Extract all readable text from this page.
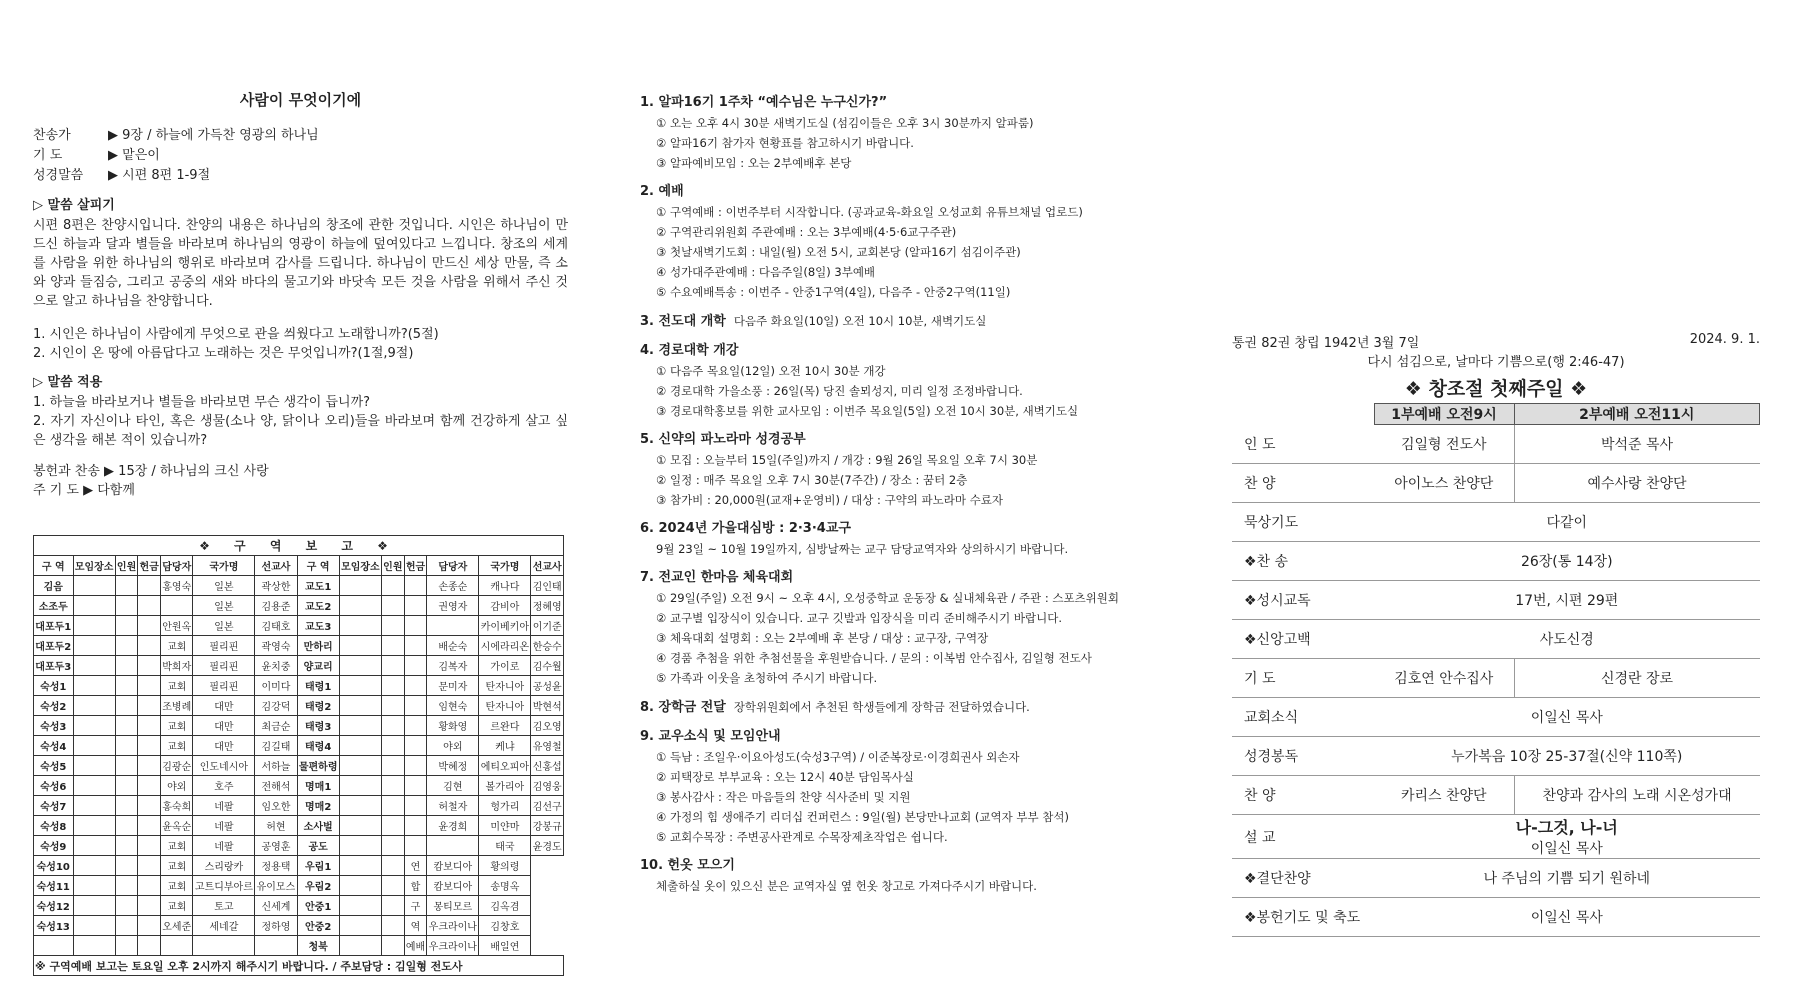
사람이 무엇이기에
찬송가	▶ 9장 / 하늘에 가득찬 영광의 하나님
기 도	▶ 맡은이
성경말씀	▶ 시편 8편 1-9절
▷ 말씀 살피기

시편 8편은 찬양시입니다. 찬양의 내용은 하나님의 창조에 관한 것입니다. 시인은 하나님이 만드신 하늘과 달과 별들을 바라보며 하나님의 영광이 하늘에 덮여있다고 느낍니다. 창조의 세계를 사람을 위한 하나님의 행위로 바라보며 감사를 드립니다. 하나님이 만드신 세상 만물, 즉 소와 양과 들짐승, 그리고 공중의 새와 바다의 물고기와 바닷속 모든 것을 사람을 위해서 주신 것으로 알고 하나님을 찬양합니다.

1. 시인은 하나님이 사람에게 무엇으로 관을 씌웠다고 노래합니까?(5절)

2. 시인이 온 땅에 아름답다고 노래하는 것은 무엇입니까?(1절,9절)

▷ 말씀 적용

1. 하늘을 바라보거나 별들을 바라보면 무슨 생각이 듭니까?

2. 자기 자신이나 타인, 혹은 생물(소나 양, 닭이나 오리)들을 바라보며 함께 건강하게 살고 싶은 생각을 해본 적이 있습니까?

봉헌과 찬송 ▶ 15장 / 하나님의 크신 사랑

주 기 도 ▶ 다함께

❖ 구 역 보 고 ❖													
구 역	모임장소	인원	헌금	담당자	국가명	선교사	구 역	모임장소	인원	헌금	담당자	국가명	선교사
김음				홍영숙	일본	곽상한	교도1				손종순	캐나다	김인태
소조두					일본	김용준	교도2				권영자	감비아	정혜영
대포두1				안원옥	일본	김태호	교도3					카이베키아	이기준
대포두2				교회	필리핀	곽영숙	만하리				배순숙	시에라리온	한승수
대포두3				박희자	필리핀	윤치중	양교리				김복자	가이로	김수월
숙성1				교회	필리핀	이미다	태령1				문미자	탄자니아	공성윤
숙성2				조병례	대만	김강덕	태령2				임현숙	탄자니아	박현석
숙성3				교회	대만	최금순	태령3				황화영	르완다	김오영
숙성4				교회	대만	김길태	태령4				야외	케냐	유영철
숙성5				김광순	인도네시아	서하늘	물편하령				박혜정	에티오피아	신홍섭
숙성6				야외	호주	전해석	명매1				김현	볼가리아	김영웅
숙성7				홍숙희	네팔	임오한	명매2				허철자	헝가리	김선구
숙성8				윤옥순	네팔	허현	소사벌				윤경희	미얀마	강봉규
숙성9				교회	네팔	공영훈	공도					태국	윤경도
숙성10				교회	스리랑카	정용택	우림1			연	캄보디아	황의령	
숙성11				교회	고트디부아르	유이모스	우림2			합	캄보디아	송명옥	
숙성12				교회	토고	신세계	안중1			구	몽티모르	김옥겸	
숙성13				오세준	세네갈	정하영	안중2			역	우크라이나	김창호	
							청북			예배	우크라이나	배일연	
※ 구역예배 보고는 토요일 오후 2시까지 해주시기 바랍니다. / 주보담당 : 김일형 전도사													
1. 알파16기 1주차 “예수님은 누구신가?”
① 오는 오후 4시 30분 새벽기도실 (섬김이들은 오후 3시 30분까지 알파룸)
② 알파16기 참가자 현황표를 참고하시기 바랍니다.
③ 알파예비모임 : 오는 2부예배후 본당
2. 예배
① 구역예배 : 이번주부터 시작합니다. (공과교육-화요일 오성교회 유튜브채널 업로드)
② 구역관리위원회 주관예배 : 오는 3부예배(4·5·6교구주관)
③ 첫날새벽기도회 : 내일(월) 오전 5시, 교회본당 (알파16기 섬김이주관)
④ 성가대주관예배 : 다음주일(8일) 3부예배
⑤ 수요예배특송 : 이번주 - 안중1구역(4일), 다음주 - 안중2구역(11일)
3. 전도대 개학 다음주 화요일(10일) 오전 10시 10분, 새벽기도실
4. 경로대학 개강
① 다음주 목요일(12일) 오전 10시 30분 개강
② 경로대학 가을소풍 : 26일(목) 당진 솔뫼성지, 미리 일정 조정바랍니다.
③ 경로대학홍보를 위한 교사모임 : 이번주 목요일(5일) 오전 10시 30분, 새벽기도실
5. 신약의 파노라마 성경공부
① 모집 : 오늘부터 15일(주일)까지 / 개강 : 9월 26일 목요일 오후 7시 30분
② 일정 : 매주 목요일 오후 7시 30분(7주간) / 장소 : 꿈터 2층
③ 참가비 : 20,000원(교재+운영비) / 대상 : 구약의 파노라마 수료자
6. 2024년 가을대심방 : 2·3·4교구
9월 23일 ~ 10월 19일까지, 심방날짜는 교구 담당교역자와 상의하시기 바랍니다.
7. 전교인 한마음 체육대회
① 29일(주일) 오전 9시 ~ 오후 4시, 오성중학교 운동장 & 실내체육관 / 주관 : 스포츠위원회
② 교구별 입장식이 있습니다. 교구 깃발과 입장식을 미리 준비해주시기 바랍니다.
③ 체육대회 설명회 : 오는 2부예배 후 본당 / 대상 : 교구장, 구역장
④ 경품 추첨을 위한 추첨선물을 후원받습니다. / 문의 : 이복범 안수집사, 김일형 전도사
⑤ 가족과 이웃을 초청하여 주시기 바랍니다.
8. 장학금 전달 장학위원회에서 추천된 학생들에게 장학금 전달하였습니다.
9. 교우소식 및 모임안내
① 득남 : 조일우·이요아성도(숙성3구역) / 이준복장로·이경희권사 외손자
② 피택장로 부부교육 : 오는 12시 40분 담임목사실
③ 봉사감사 : 작은 마음들의 찬양 식사준비 및 지원
④ 가정의 힘 생애주기 리더십 컨퍼런스 : 9일(월) 본당만나교회 (교역자 부부 참석)
⑤ 교회수목장 : 주변공사관계로 수목장제초작업은 쉽니다.
10. 헌옷 모으기
체출하실 옷이 있으신 분은 교역자실 옆 헌옷 창고로 가져다주시기 바랍니다.
통권 82권 창립 1942년 3월 7일	2024. 9. 1.
다시 섬김으로, 날마다 기쁨으로(행 2:46-47)
❖ 창조절 첫째주일 ❖
	1부예배 오전9시	2부예배 오전11시
인 도	김일형 전도사	박석준 목사
찬 양	아이노스 찬양단	예수사랑 찬양단
묵상기도	다같이	
❖찬 송	26장(통 14장)	
❖성시교독	17번, 시편 29편	
❖신앙고백	사도신경	
기 도	김호연 안수집사	신경란 장로
교회소식	이일신 목사	
성경봉독	누가복음 10장 25-37절(신약 110쪽)	
찬 양	카리스 찬양단	찬양과 감사의 노래 시온성가대
설 교	나-그것, 나-너
이일신 목사	
❖결단찬양	나 주님의 기쁨 되기 원하네	
❖봉헌기도 및 축도	이일신 목사	
